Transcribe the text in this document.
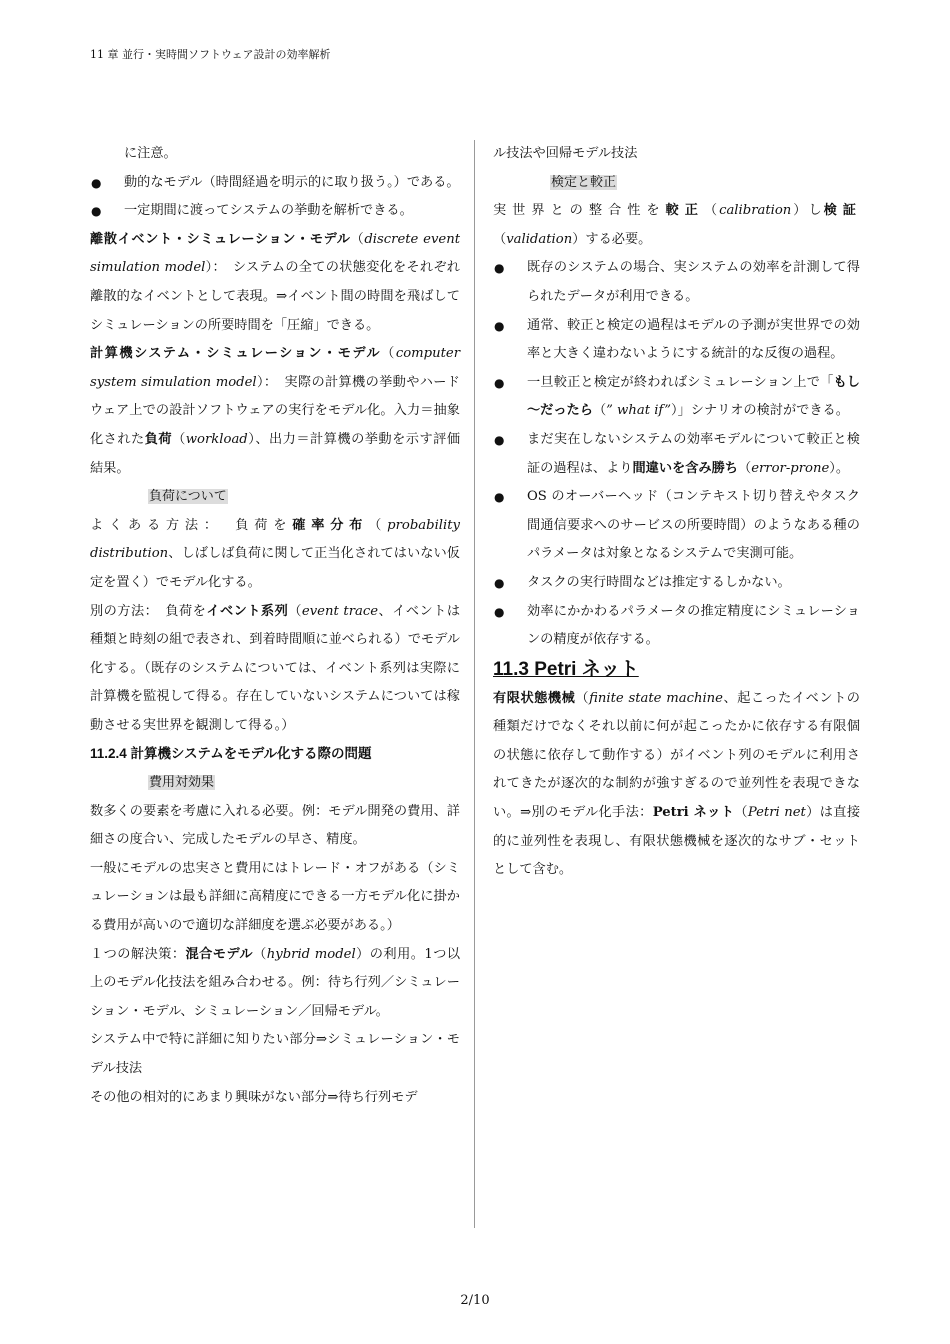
11 章 並行・実時間ソフトウェア設計の効率解析

に注意。

● 動的なモデル（時間経過を明示的に取り扱う。）である。

● 一定期間に渡ってシステムの挙動を解析できる。

離散イベント・シミュレーション・モデル（discrete event simulation model）：　システムの全ての状態変化をそれぞれ離散的なイベントとして表現。⇒イベント間の時間を飛ばしてシミュレーションの所要時間を「圧縮」できる。

計算機システム・シミュレーション・モデル（computer system simulation model）：　実際の計算機の挙動やハードウェア上での設計ソフトウェアの実行をモデル化。入力＝抽象化された負荷（workload）、出力＝計算機の挙動を示す評価結果。

負荷について

よくある方法：　負荷を確率分布（probability distribution、しばしば負荷に関して正当化されてはいない仮定を置く）でモデル化する。

別の方法：　負荷をイベント系列（event trace、イベントは種類と時刻の組で表され、到着時間順に並べられる）でモデル化する。（既存のシステムについては、イベント系列は実際に計算機を監視して得る。存在していないシステムについては稼動させる実世界を観測して得る。）

11.2.4 計算機システムをモデル化する際の問題

費用対効果

数多くの要素を考慮に入れる必要。例：モデル開発の費用、詳細さの度合い、完成したモデルの早さ、精度。

一般にモデルの忠実さと費用にはトレード・オフがある（シミュレーションは最も詳細に高精度にできる一方モデル化に掛かる費用が高いので適切な詳細度を選ぶ必要がある。）

１つの解決策：混合モデル（hybrid model）の利用。1つ以上のモデル化技法を組み合わせる。例：待ち行列／シミュレーション・モデル、シミュレーション／回帰モデル。

システム中で特に詳細に知りたい部分⇒シミュレーション・モデル技法

その他の相対的にあまり興味がない部分⇒待ち行列モデ

ル技法や回帰モデル技法

検定と較正

実世界との整合性を較正（calibration）し検証（validation）する必要。

● 既存のシステムの場合、実システムの効率を計測して得られたデータが利用できる。

● 通常、較正と検定の過程はモデルの予測が実世界での効率と大きく違わないようにする統計的な反復の過程。

● 一旦較正と検定が終わればシミュレーション上で「もし～だったら（” what if”）」シナリオの検討ができる。

● まだ実在しないシステムの効率モデルについて較正と検証の過程は、より間違いを含み勝ち（error-prone）。

● OS のオーバーヘッド（コンテキスト切り替えやタスク間通信要求へのサービスの所要時間）のようなある種のパラメータは対象となるシステムで実測可能。

● タスクの実行時間などは推定するしかない。

● 効率にかかわるパラメータの推定精度にシミュレーションの精度が依存する。

11.3 Petri ネット

有限状態機械（finite state machine、起こったイベントの種類だけでなくそれ以前に何が起こったかに依存する有限個の状態に依存して動作する）がイベント列のモデルに利用されてきたが逐次的な制約が強すぎるので並列性を表現できない。⇒別のモデル化手法：Petri ネット（Petri net）は直接的に並列性を表現し、有限状態機械を逐次的なサブ・セットとして含む。

2/10
